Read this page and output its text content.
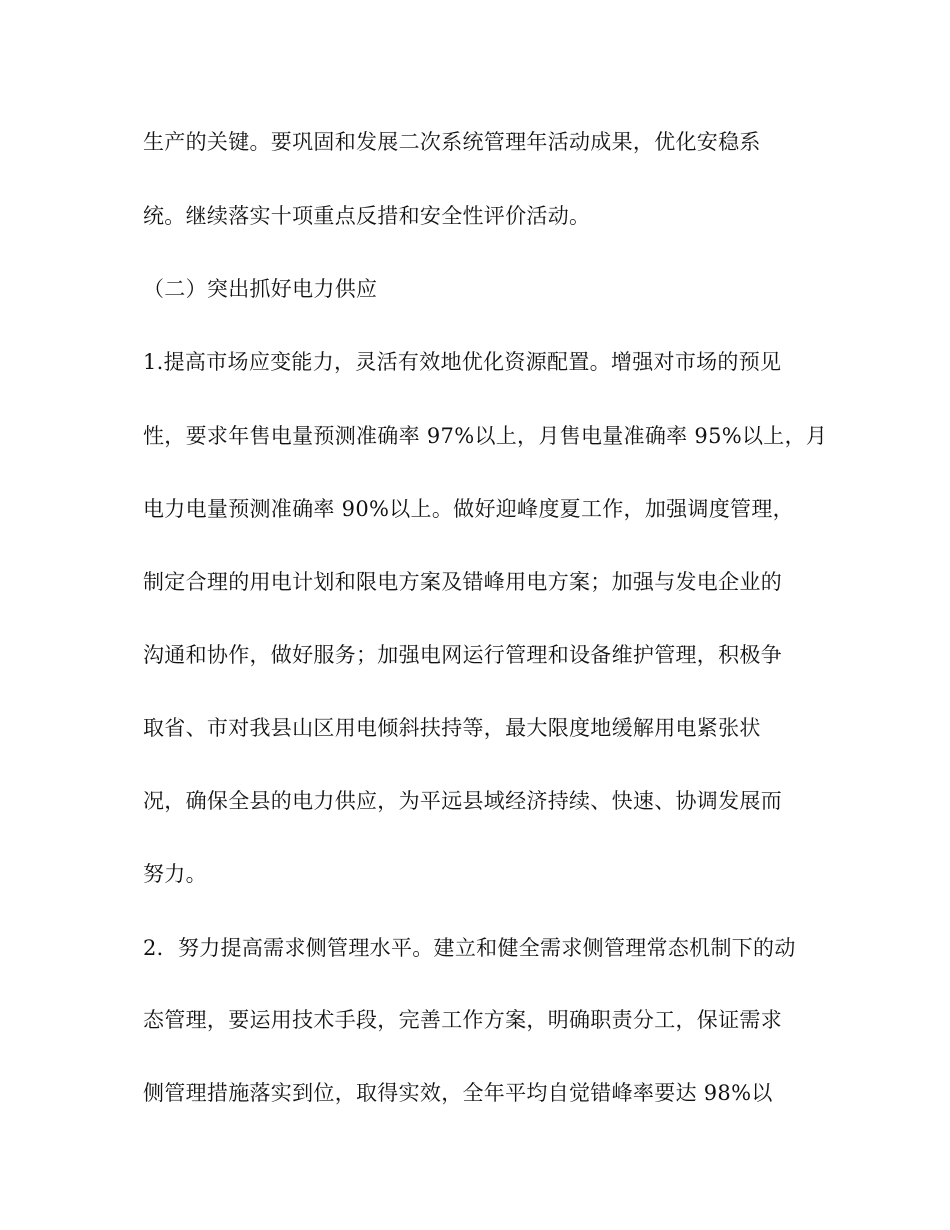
生产的关键。要巩固和发展二次系统管理年活动成果，优化安稳系
统。继续落实十项重点反措和安全性评价活动。
（二）突出抓好电力供应
1.提高市场应变能力，灵活有效地优化资源配置。增强对市场的预见
性，要求年售电量预测准确率 97%以上，月售电量准确率 95%以上，月
电力电量预测准确率 90%以上。做好迎峰度夏工作，加强调度管理，
制定合理的用电计划和限电方案及错峰用电方案；加强与发电企业的
沟通和协作，做好服务；加强电网运行管理和设备维护管理，积极争
取省、市对我县山区用电倾斜扶持等，最大限度地缓解用电紧张状
况，确保全县的电力供应，为平远县域经济持续、快速、协调发展而
努力。
2．努力提高需求侧管理水平。建立和健全需求侧管理常态机制下的动
态管理，要运用技术手段，完善工作方案，明确职责分工，保证需求
侧管理措施落实到位，取得实效，全年平均自觉错峰率要达 98%以
